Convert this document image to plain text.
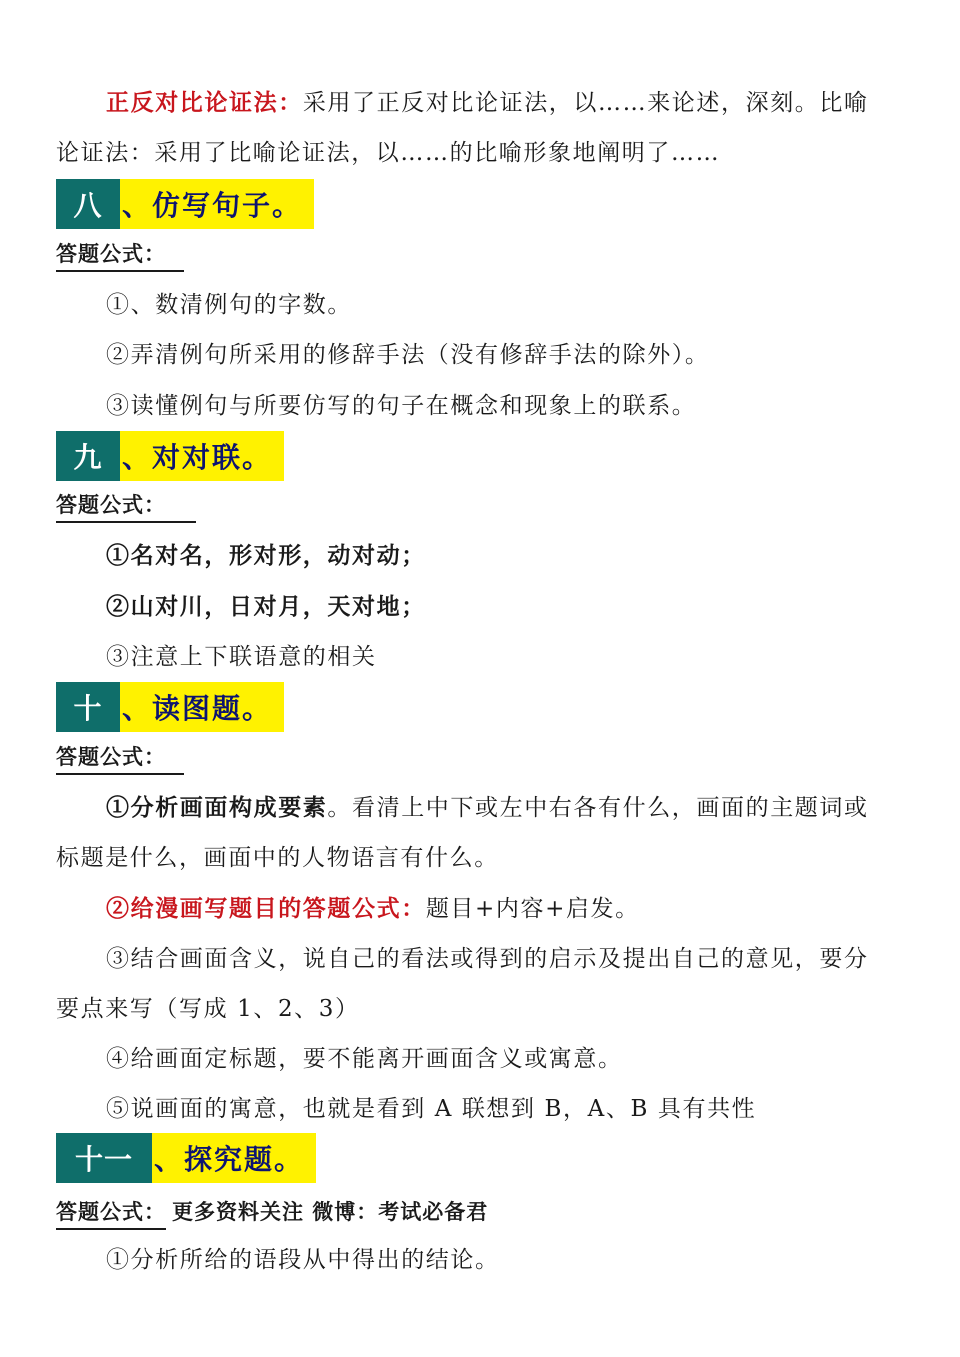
正反对比论证法：采用了正反对比论证法，以……来论述，深刻。比喻
论证法：采用了比喻论证法，以……的比喻形象地阐明了……
八 、仿写句子。
答题公式：
①、数清例句的字数。
②弄清例句所采用的修辞手法（没有修辞手法的除外）。
③读懂例句与所要仿写的句子在概念和现象上的联系。
九 、对对联。
答题公式：
①名对名，形对形，动对动；
②山对川，日对月，天对地；
③注意上下联语意的相关
十 、读图题。
答题公式：
①分析画面构成要素。看清上中下或左中右各有什么，画面的主题词或
标题是什么，画面中的人物语言有什么。
②给漫画写题目的答题公式：题目+内容+启发。
③结合画面含义，说自己的看法或得到的启示及提出自己的意见，要分
要点来写（写成 1、2、3）
④给画面定标题，要不能离开画面含义或寓意。
⑤说画面的寓意，也就是看到 A 联想到 B，A、B 具有共性
十一 、探究题。
答题公式： 更多资料关注 微博：考试必备君
①分析所给的语段从中得出的结论。
